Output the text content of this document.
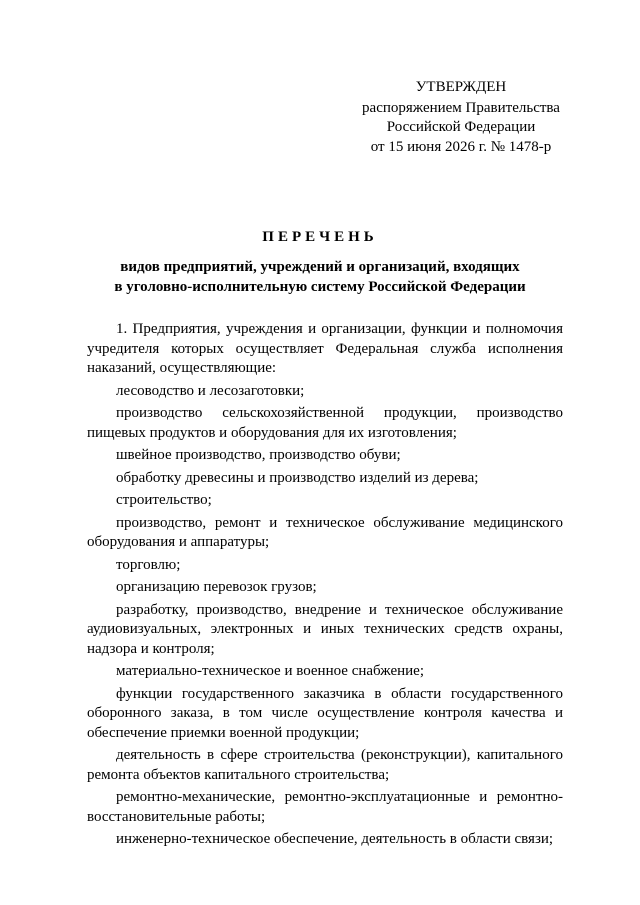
УТВЕРЖДЕН
распоряжением Правительства
Российской Федерации
от 15 июня 2026 г. № 1478-р
ПЕРЕЧЕНЬ
видов предприятий, учреждений и организаций, входящих
в уголовно-исполнительную систему Российской Федерации

1. Предприятия, учреждения и организации, функции и полномочия учредителя которых осуществляет Федеральная служба исполнения наказаний, осуществляющие:

лесоводство и лесозаготовки;

производство сельскохозяйственной продукции, производство пищевых продуктов и оборудования для их изготовления;

швейное производство, производство обуви;

обработку древесины и производство изделий из дерева;

строительство;

производство, ремонт и техническое обслуживание медицинского оборудования и аппаратуры;

торговлю;

организацию перевозок грузов;

разработку, производство, внедрение и техническое обслуживание аудиовизуальных, электронных и иных технических средств охраны, надзора и контроля;

материально-техническое и военное снабжение;

функции государственного заказчика в области государственного оборонного заказа, в том числе осуществление контроля качества и обеспечение приемки военной продукции;

деятельность в сфере строительства (реконструкции), капитального ремонта объектов капитального строительства;

ремонтно-механические, ремонтно-эксплуатационные и ремонтно-восстановительные работы;

инженерно-техническое обеспечение, деятельность в области связи;
